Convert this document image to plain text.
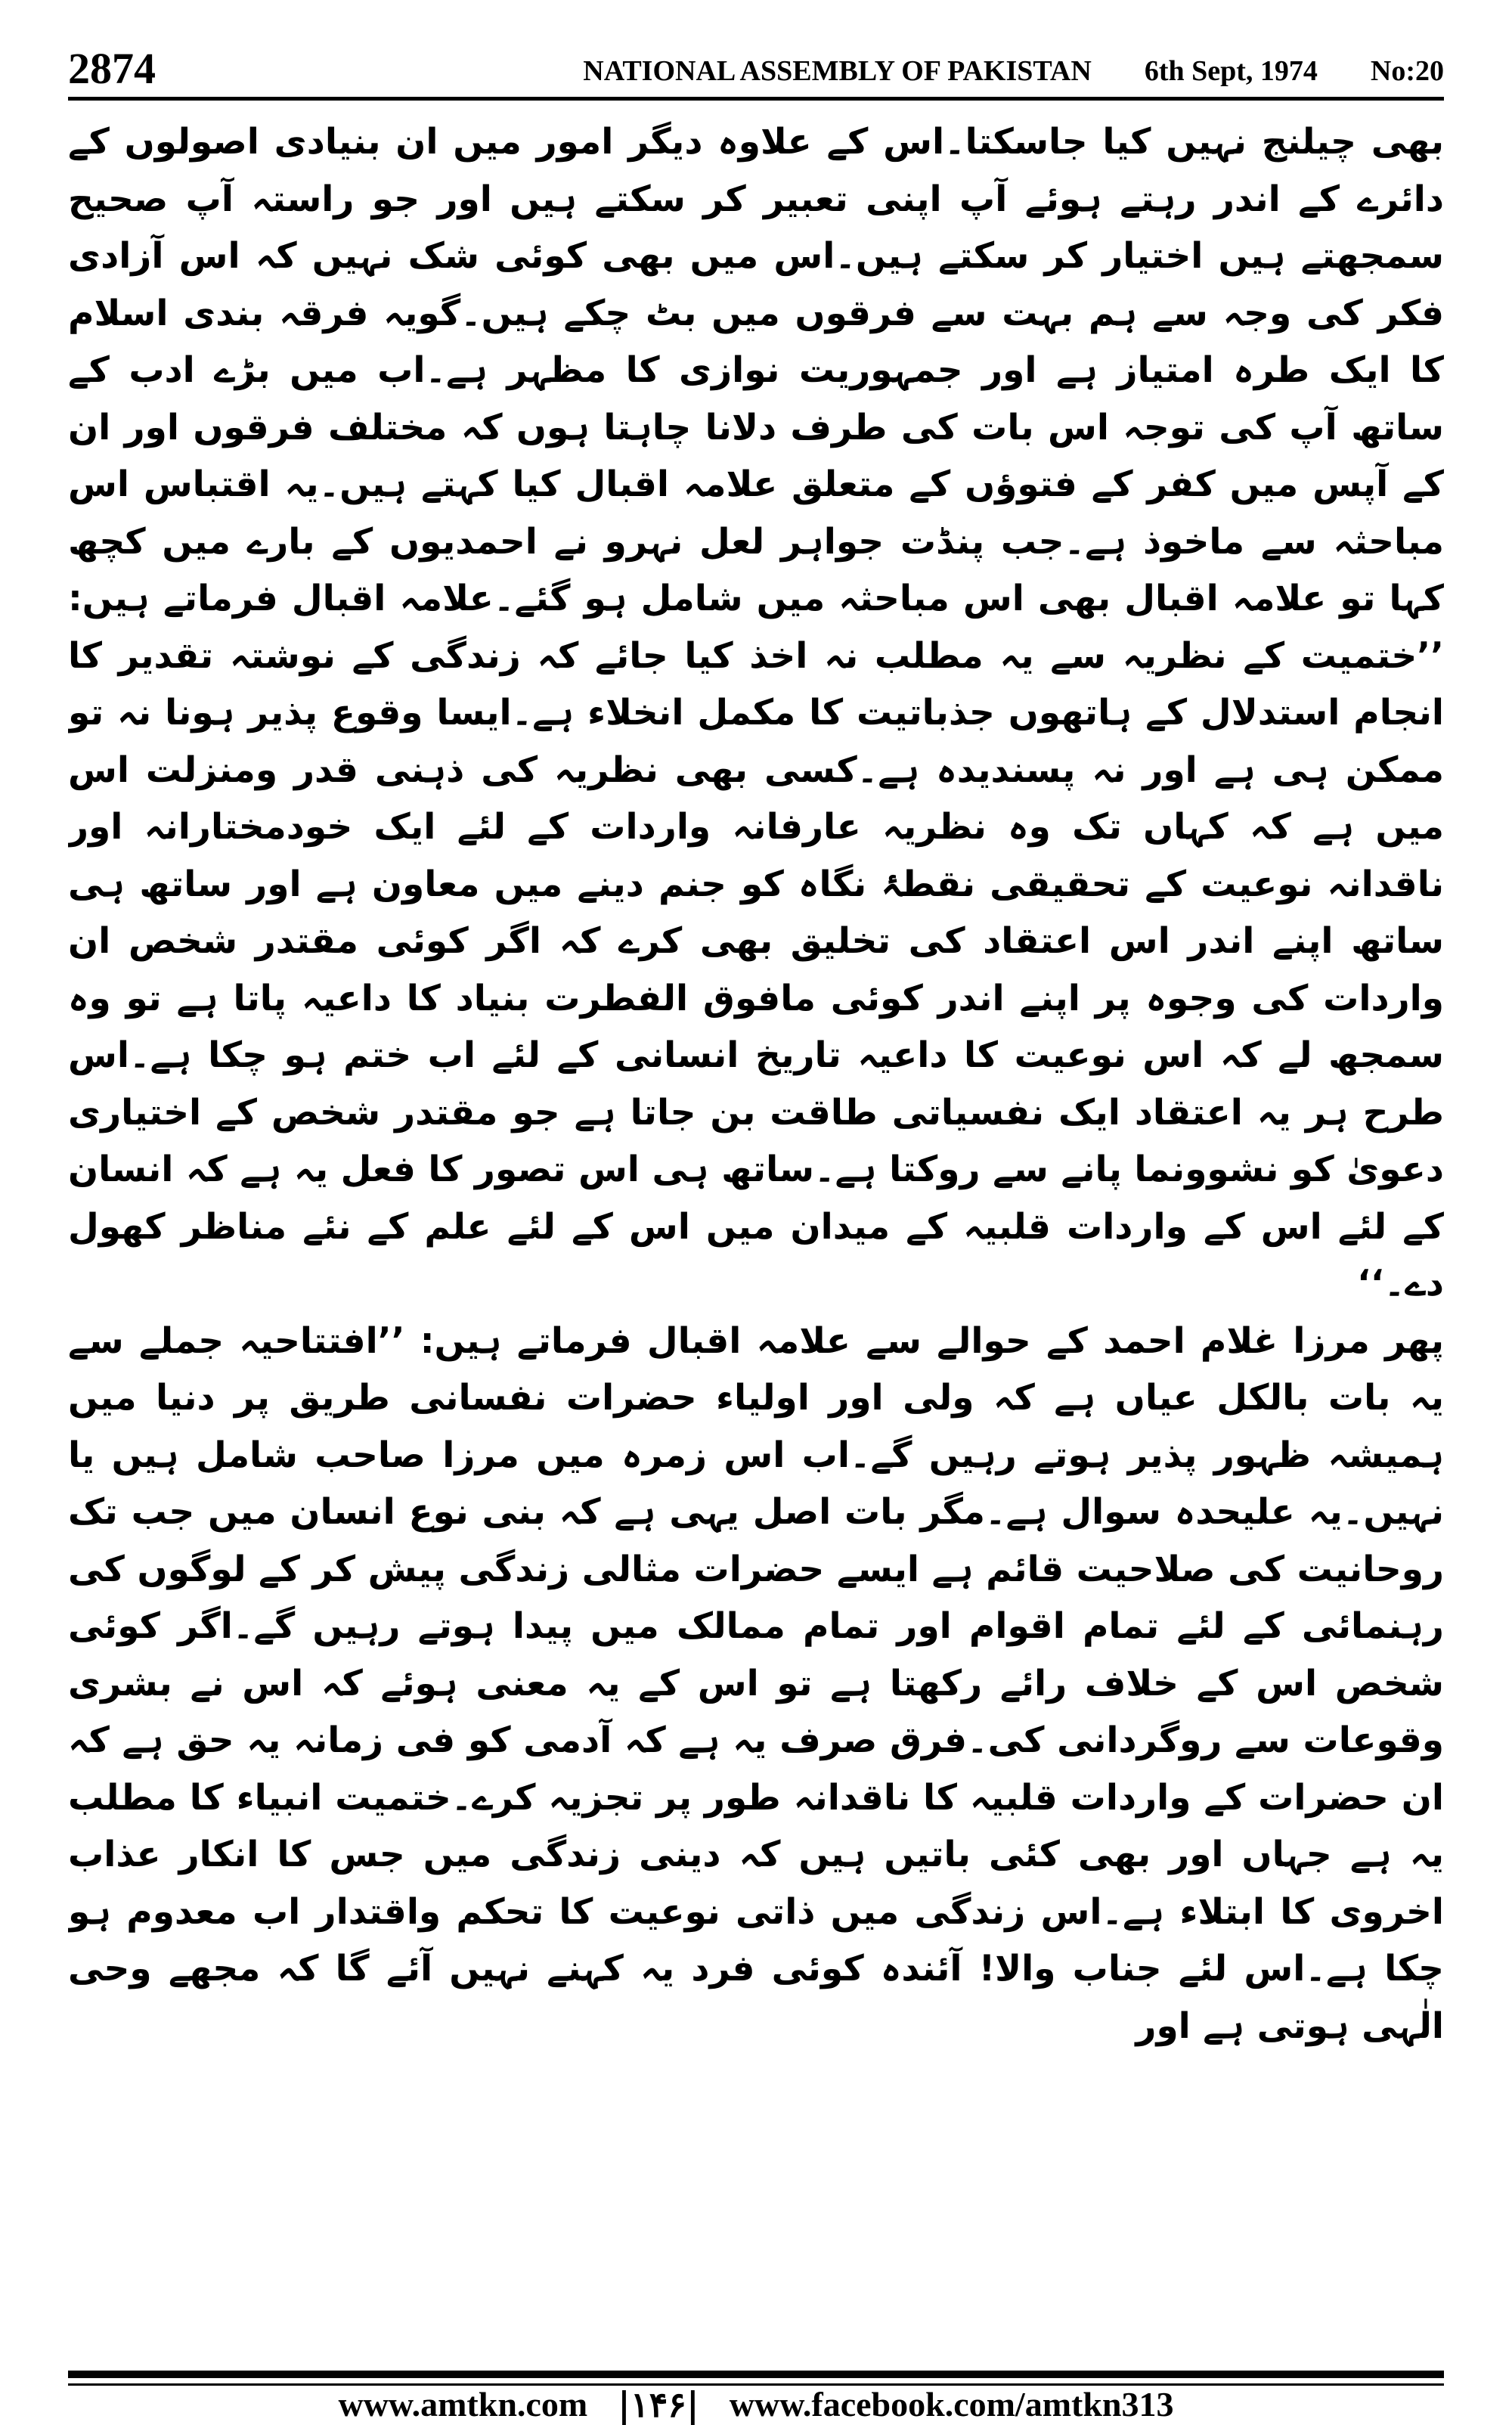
2874	NATIONAL ASSEMBLY OF PAKISTAN 6th Sept, 1974 No:20

بھی چیلنج نہیں کیا جاسکتا۔اس کے علاوہ دیگر امور میں ان بنیادی اصولوں کے دائرے کے اندر رہتے ہوئے آپ اپنی تعبیر کر سکتے ہیں اور جو راستہ آپ صحیح سمجھتے ہیں اختیار کر سکتے ہیں۔اس میں بھی کوئی شک نہیں کہ اس آزادی فکر کی وجہ سے ہم بہت سے فرقوں میں بٹ چکے ہیں۔گویہ فرقہ بندی اسلام کا ایک طرہ امتیاز ہے اور جمہوریت نوازی کا مظہر ہے۔اب میں بڑے ادب کے ساتھ آپ کی توجہ اس بات کی طرف دلانا چاہتا ہوں کہ مختلف فرقوں اور ان کے آپس میں کفر کے فتوؤں کے متعلق علامہ اقبال کیا کہتے ہیں۔یہ اقتباس اس مباحثہ سے ماخوذ ہے۔جب پنڈت جواہر لعل نہرو نے احمدیوں کے بارے میں کچھ کہا تو علامہ اقبال بھی اس مباحثہ میں شامل ہو گئے۔علامہ اقبال فرماتے ہیں: ’’ختمیت کے نظریہ سے یہ مطلب نہ اخذ کیا جائے کہ زندگی کے نوشتہ تقدیر کا انجام استدلال کے ہاتھوں جذباتیت کا مکمل انخلاء ہے۔ایسا وقوع پذیر ہونا نہ تو ممکن ہی ہے اور نہ پسندیدہ ہے۔کسی بھی نظریہ کی ذہنی قدر ومنزلت اس میں ہے کہ کہاں تک وہ نظریہ عارفانہ واردات کے لئے ایک خودمختارانہ اور ناقدانہ نوعیت کے تحقیقی نقطۂ نگاہ کو جنم دینے میں معاون ہے اور ساتھ ہی ساتھ اپنے اندر اس اعتقاد کی تخلیق بھی کرے کہ اگر کوئی مقتدر شخص ان واردات کی وجوہ پر اپنے اندر کوئی مافوق الفطرت بنیاد کا داعیہ پاتا ہے تو وہ سمجھ لے کہ اس نوعیت کا داعیہ تاریخ انسانی کے لئے اب ختم ہو چکا ہے۔اس طرح ہر یہ اعتقاد ایک نفسیاتی طاقت بن جاتا ہے جو مقتدر شخص کے اختیاری دعویٰ کو نشوونما پانے سے روکتا ہے۔ساتھ ہی اس تصور کا فعل یہ ہے کہ انسان کے لئے اس کے واردات قلبیہ کے میدان میں اس کے لئے علم کے نئے مناظر کھول دے۔‘‘

پھر مرزا غلام احمد کے حوالے سے علامہ اقبال فرماتے ہیں: ’’افتتاحیہ جملے سے یہ بات بالکل عیاں ہے کہ ولی اور اولیاء حضرات نفسانی طریق پر دنیا میں ہمیشہ ظہور پذیر ہوتے رہیں گے۔اب اس زمرہ میں مرزا صاحب شامل ہیں یا نہیں۔یہ علیحدہ سوال ہے۔مگر بات اصل یہی ہے کہ بنی نوع انسان میں جب تک روحانیت کی صلاحیت قائم ہے ایسے حضرات مثالی زندگی پیش کر کے لوگوں کی رہنمائی کے لئے تمام اقوام اور تمام ممالک میں پیدا ہوتے رہیں گے۔اگر کوئی شخص اس کے خلاف رائے رکھتا ہے تو اس کے یہ معنی ہوئے کہ اس نے بشری وقوعات سے روگردانی کی۔فرق صرف یہ ہے کہ آدمی کو فی زمانہ یہ حق ہے کہ ان حضرات کے واردات قلبیہ کا ناقدانہ طور پر تجزیہ کرے۔ختمیت انبیاء کا مطلب یہ ہے جہاں اور بھی کئی باتیں ہیں کہ دینی زندگی میں جس کا انکار عذاب اخروی کا ابتلاء ہے۔اس زندگی میں ذاتی نوعیت کا تحکم واقتدار اب معدوم ہو چکا ہے۔اس لئے جناب والا! آئندہ کوئی فرد یہ کہنے نہیں آئے گا کہ مجھے وحی الٰہی ہوتی ہے اور

www.amtkn.com |۱۴۶| www.facebook.com/amtkn313
